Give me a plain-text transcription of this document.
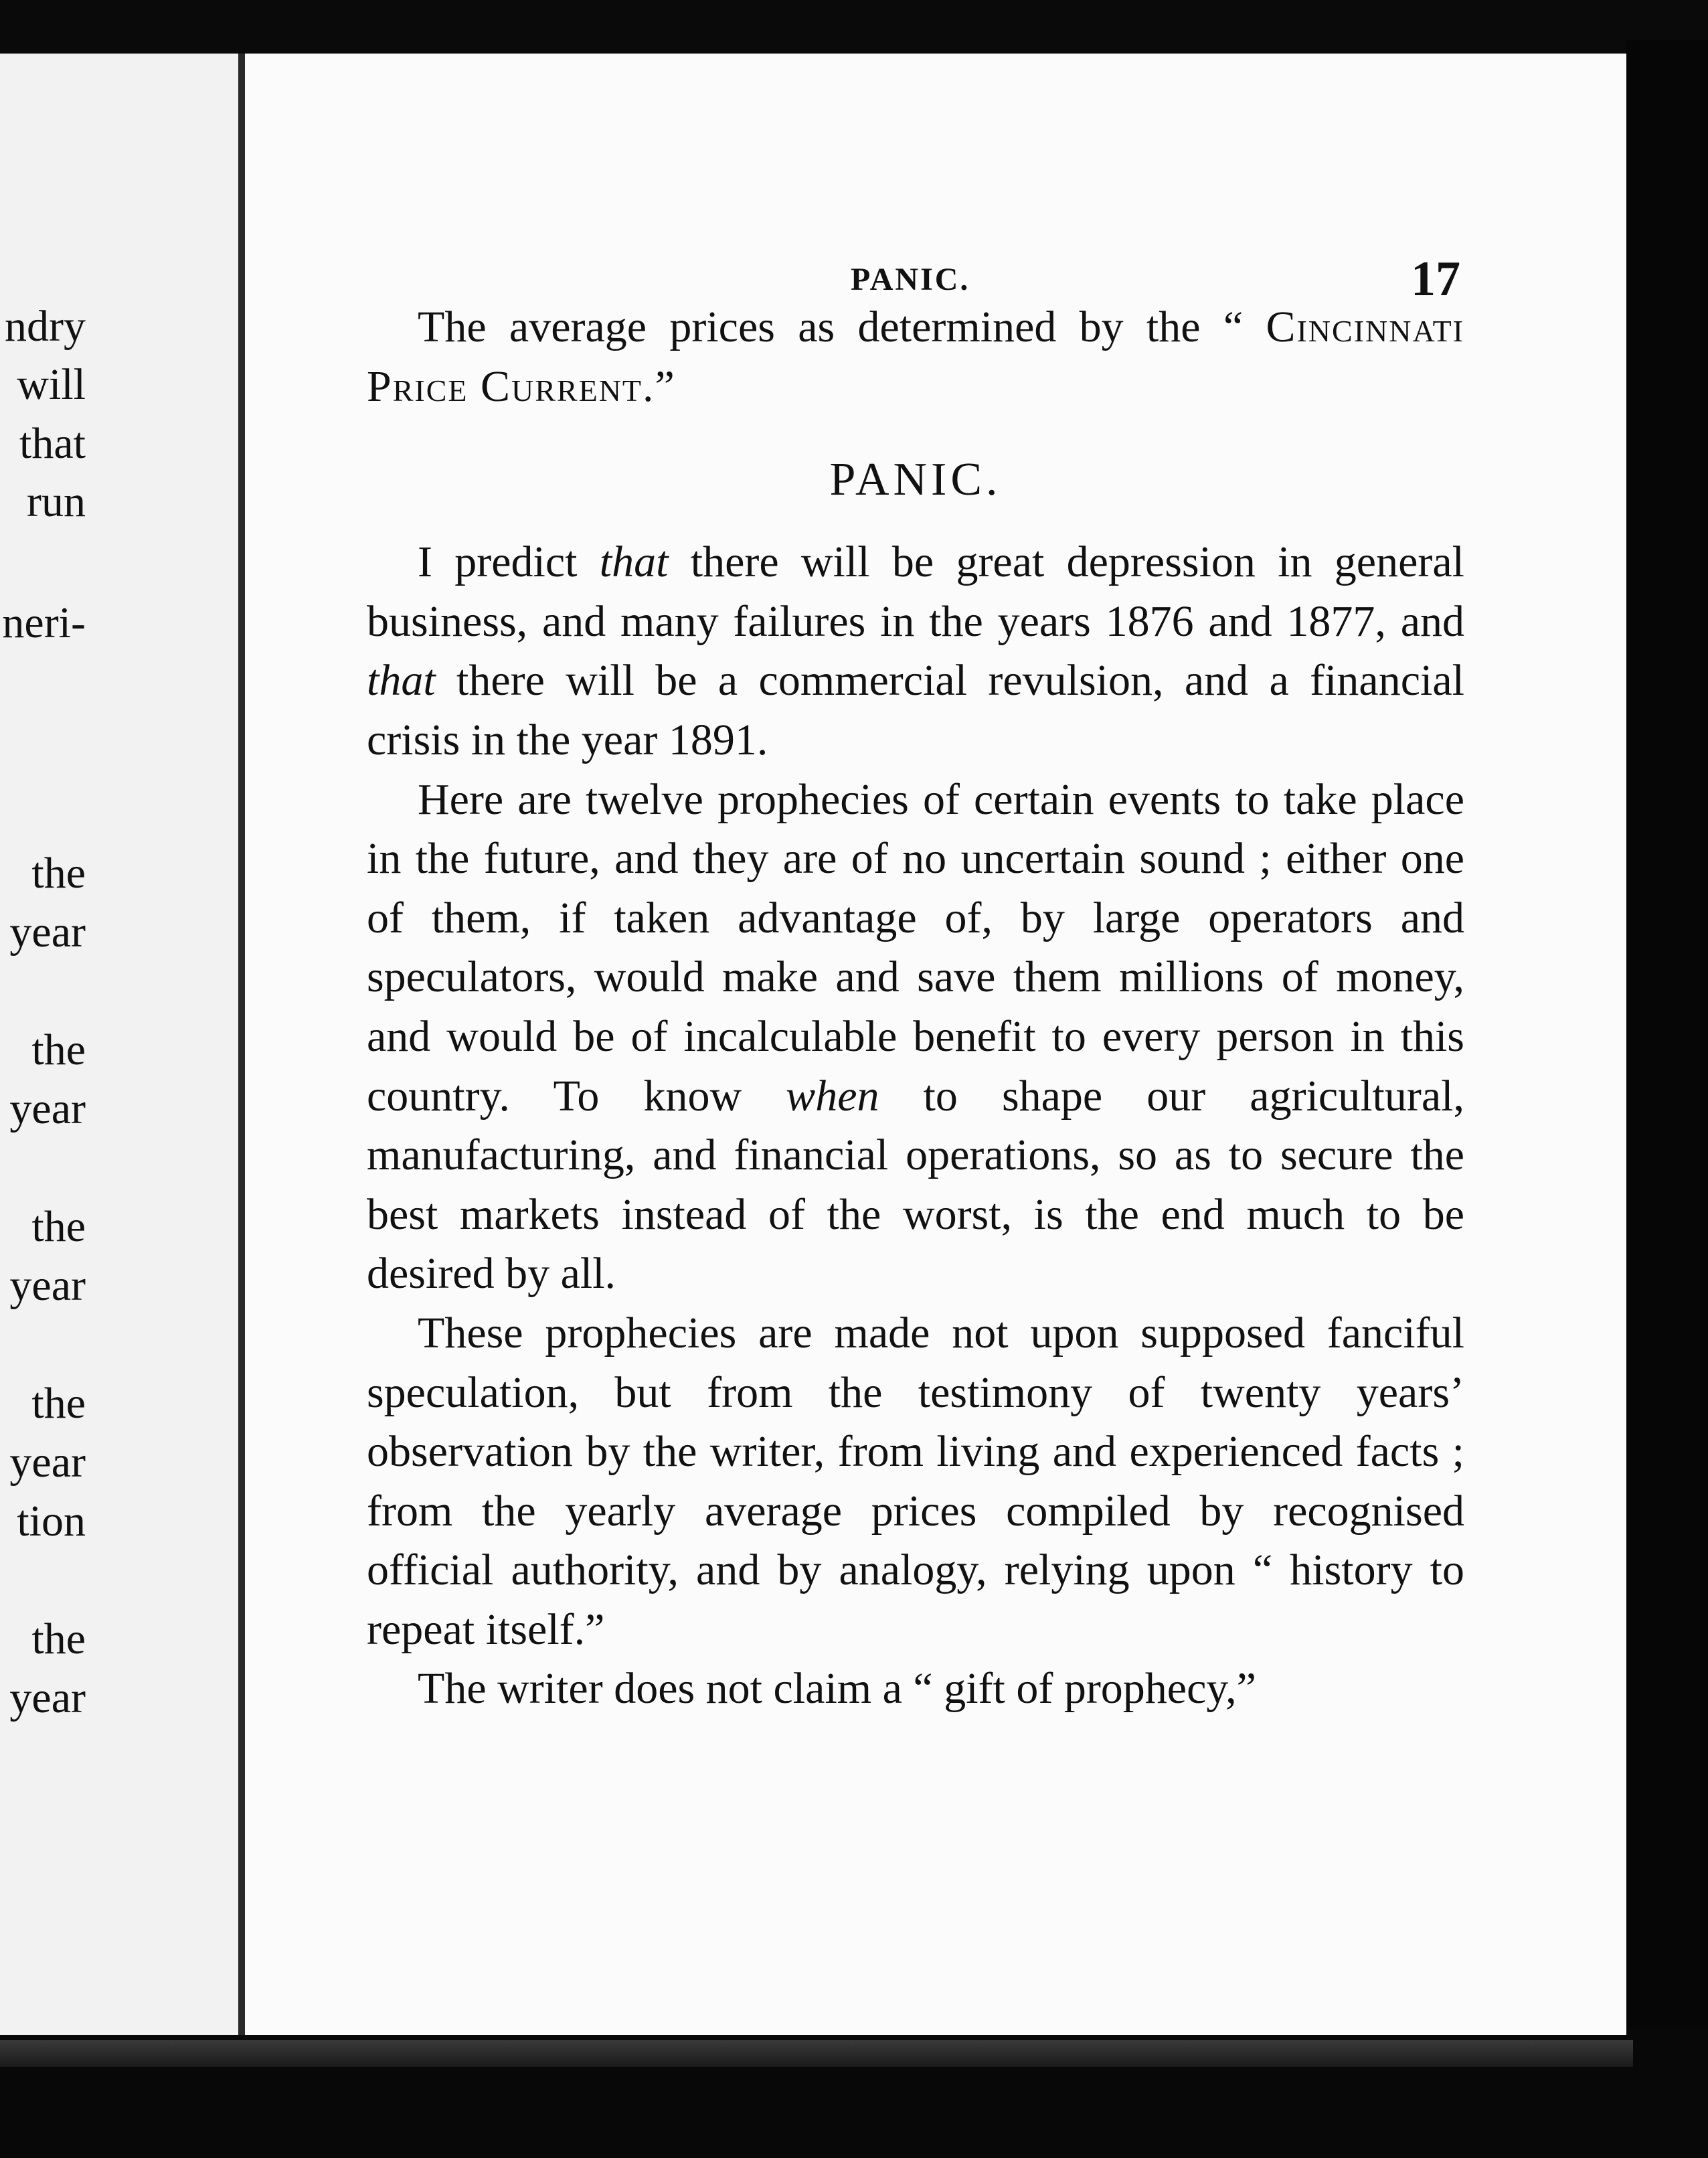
ndry
will
that
run
neri-
the
year
the
year
the
year
the
year
tion
the
year
PANIC.	17

The average prices as determined by the “ Cincinnati Price Current.”

PANIC.

I predict that there will be great depression in general business, and many failures in the years 1876 and 1877, and that there will be a commercial revulsion, and a financial crisis in the year 1891.

Here are twelve prophecies of certain events to take place in the future, and they are of no uncertain sound ; either one of them, if taken advantage of, by large operators and speculators, would make and save them millions of money, and would be of incalculable benefit to every person in this country. To know when to shape our agricultural, manufacturing, and financial operations, so as to secure the best markets instead of the worst, is the end much to be desired by all.

These prophecies are made not upon supposed fanciful speculation, but from the testimony of twenty years’ observation by the writer, from living and experienced facts ; from the yearly average prices compiled by recognised official authority, and by analogy, relying upon “ history to repeat itself.”

The writer does not claim a “ gift of prophecy,”
